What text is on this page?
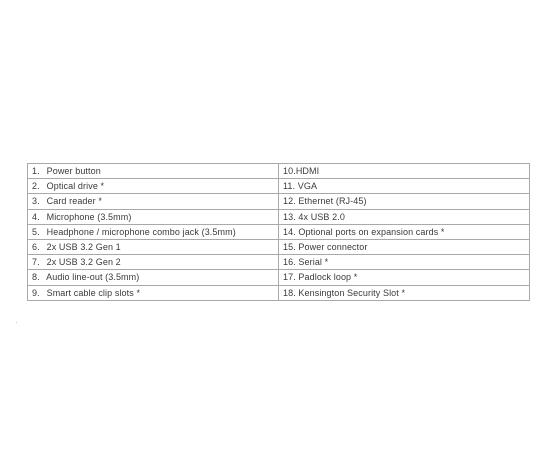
1. Power button	10.HDMI
2. Optical drive *	11. VGA
3. Card reader *	12. Ethernet (RJ-45)
4. Microphone (3.5mm)	13. 4x USB 2.0
5. Headphone / microphone combo jack (3.5mm)	14. Optional ports on expansion cards *
6. 2x USB 3.2 Gen 1	15. Power connector
7. 2x USB 3.2 Gen 2	16. Serial *
8. Audio line-out (3.5mm)	17. Padlock loop *
9. Smart cable clip slots *	18. Kensington Security Slot *
